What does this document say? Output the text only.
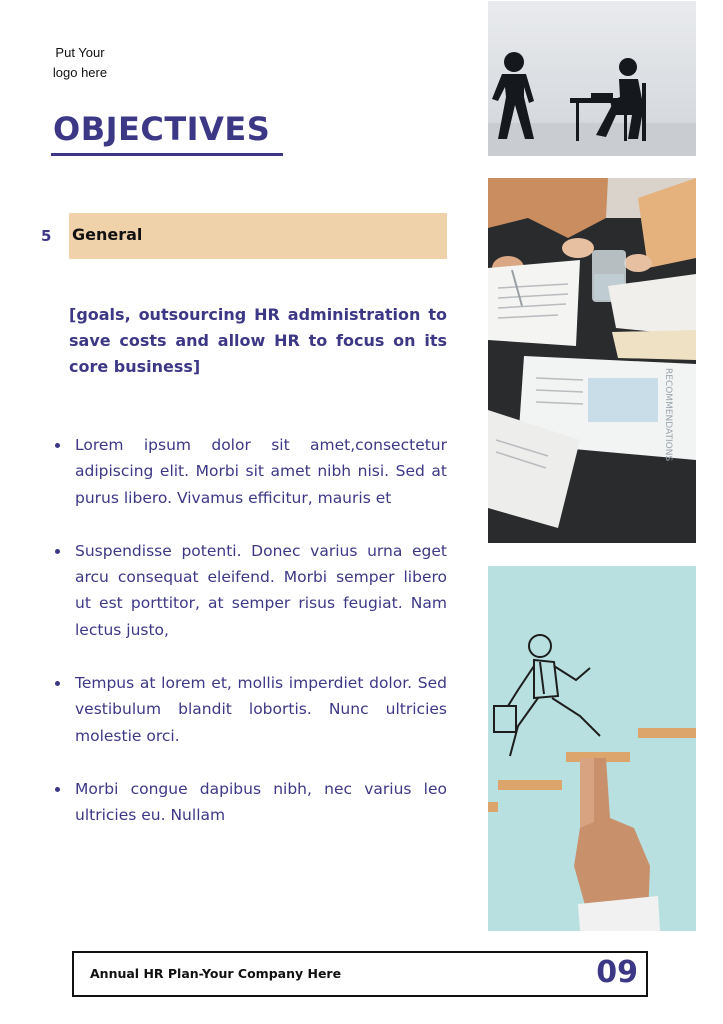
Put Your
logo here
OBJECTIVES
5 General
[goals, outsourcing HR administration to save costs and allow HR to focus on its core business]
Lorem ipsum dolor sit amet,consectetur adipiscing elit. Morbi sit amet nibh nisi. Sed at purus libero. Vivamus efficitur, mauris et
Suspendisse potenti. Donec varius urna eget arcu consequat eleifend. Morbi semper libero ut est porttitor, at semper risus feugiat. Nam lectus justo,
Tempus at lorem et, mollis imperdiet dolor. Sed vestibulum blandit lobortis. Nunc ultricies molestie orci.
Morbi congue dapibus nibh, nec varius leo ultricies eu. Nullam
RECOMMENDATIONS
Annual HR Plan-Your Company Here	09
